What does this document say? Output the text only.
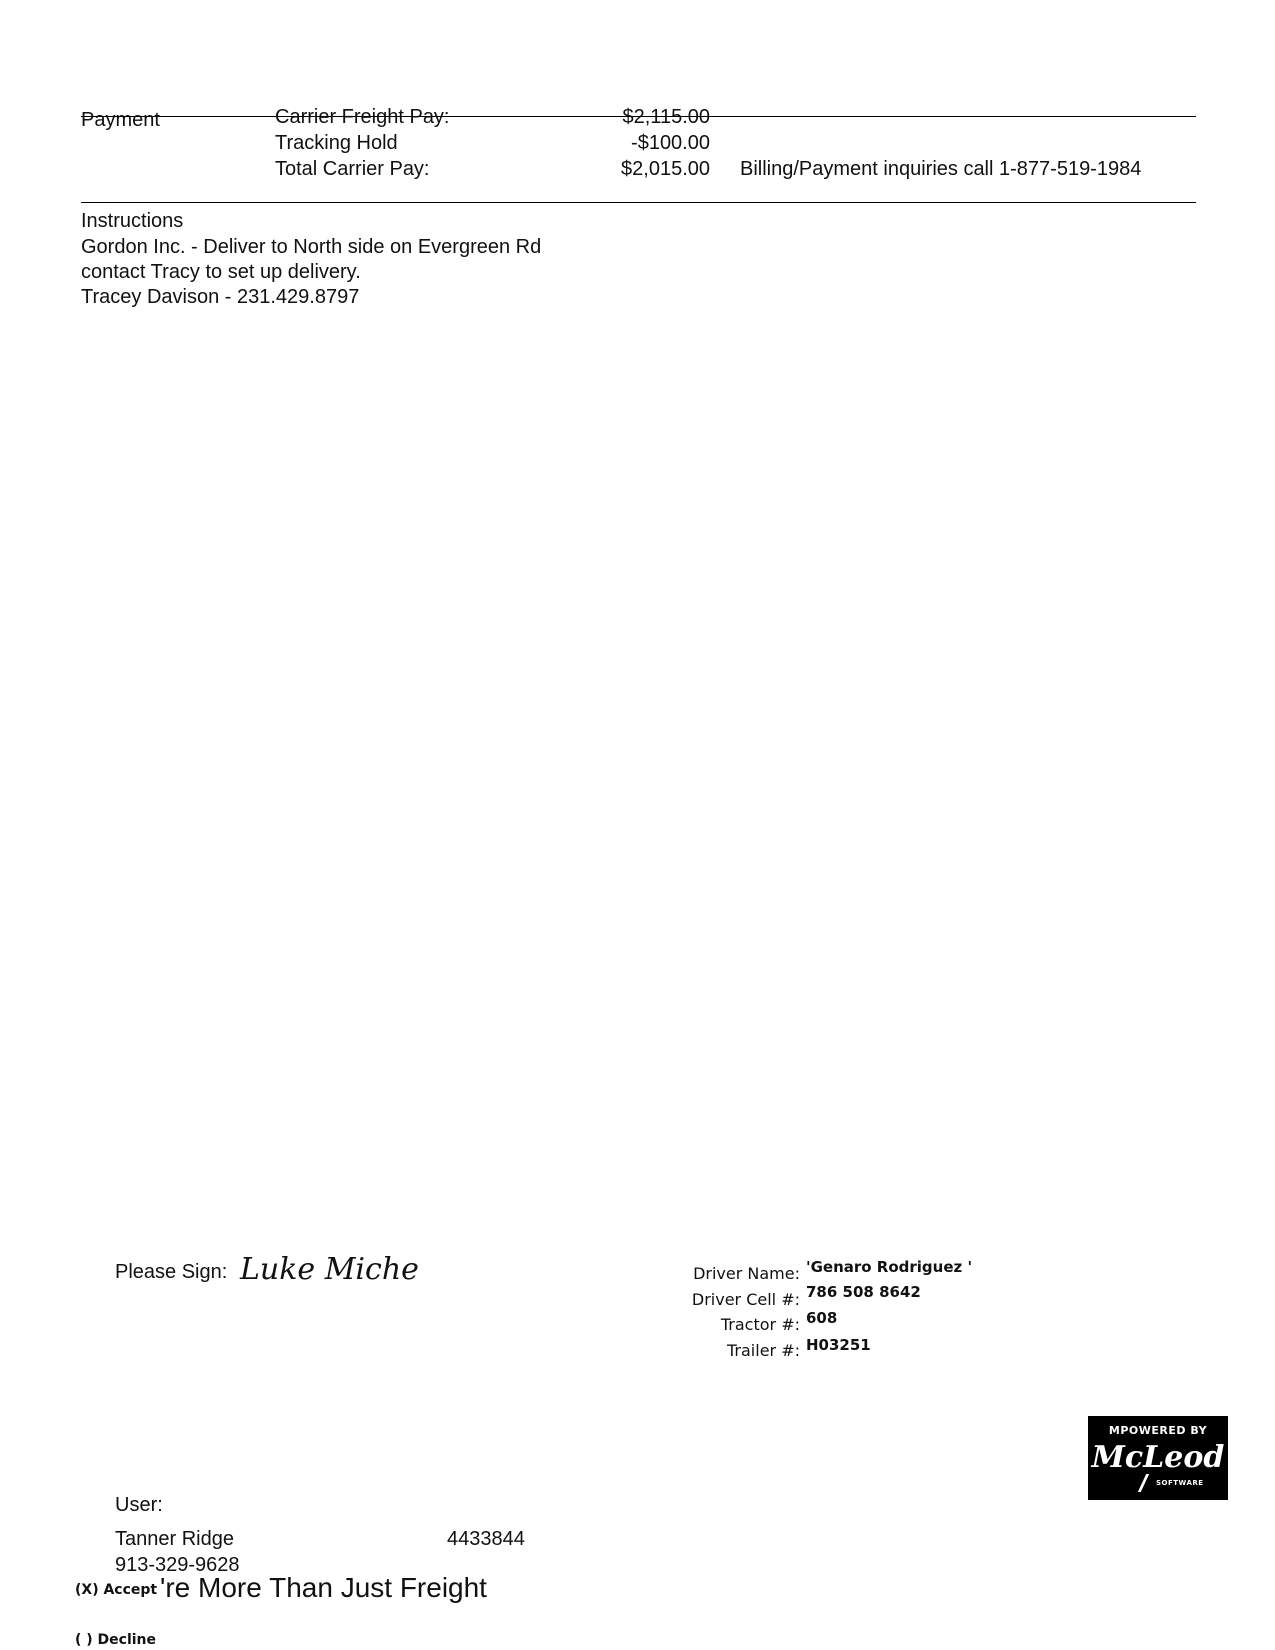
Payment	Carrier Freight Pay:	$2,115.00
Tracking Hold	-$100.00
Total Carrier Pay:	$2,015.00 Billing/Payment inquiries call 1-877-519-1984
Instructions
Gordon Inc. - Deliver to North side on Evergreen Rd
contact Tracy to set up delivery.
Tracey Davison - 231.429.8797
Please Sign: Luke Miche	Driver Name: 'Genaro Rodriguez '
Driver Cell #: 786 508 8642
Tractor #: 608
Trailer #: H03251
MPOWERED BY
McLeod
SOFTWARE
User:
Tanner Ridge	4433844
913-329-9628
're More Than Just Freight
(X) Accept
( ) Decline
